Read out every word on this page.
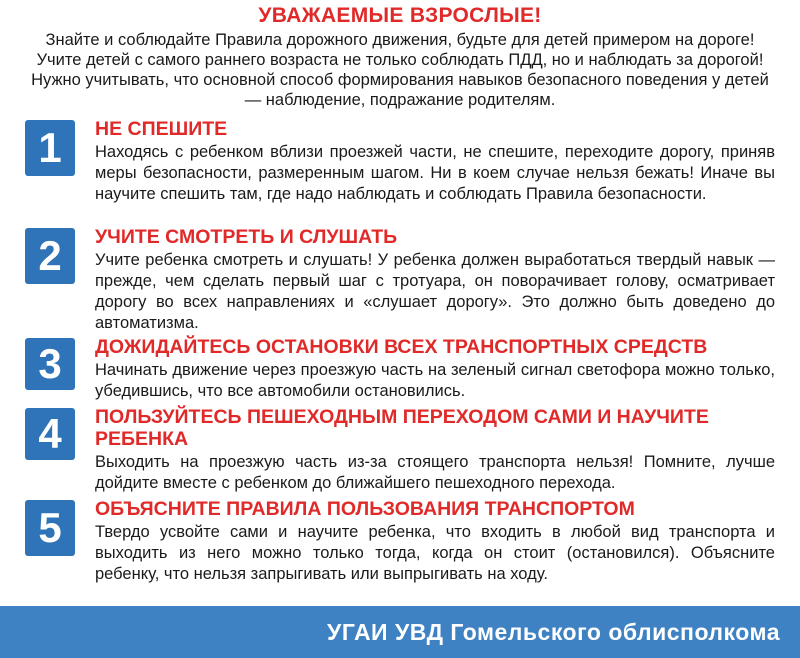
УВАЖАЕМЫЕ ВЗРОСЛЫЕ!
Знайте и соблюдайте Правила дорожного движения, будьте для детей примером на дороге! Учите детей с самого раннего возраста не только соблюдать ПДД, но и наблюдать за дорогой! Нужно учитывать, что основной способ формирования навыков безопасного поведения у детей — наблюдение, подражание родителям.
1	НЕ СПЕШИТЕ
Находясь с ребенком вблизи проезжей части, не спешите, переходите дорогу, приняв меры безопасности, размеренным шагом. Ни в коем случае нельзя бежать! Иначе вы научите спешить там, где надо наблюдать и соблюдать Правила безопасности.
2	УЧИТЕ СМОТРЕТЬ И СЛУШАТЬ
Учите ребенка смотреть и слушать! У ребенка должен выработаться твердый навык — прежде, чем сделать первый шаг с тротуара, он поворачивает голову, осматривает дорогу во всех направлениях и «слушает дорогу». Это должно быть доведено до автоматизма.
3	ДОЖИДАЙТЕСЬ ОСТАНОВКИ ВСЕХ ТРАНСПОРТНЫХ СРЕДСТВ
Начинать движение через проезжую часть на зеленый сигнал светофора можно только, убедившись, что все автомобили остановились.
4	ПОЛЬЗУЙТЕСЬ ПЕШЕХОДНЫМ ПЕРЕХОДОМ САМИ И НАУЧИТЕ РЕБЕНКА
Выходить на проезжую часть из-за стоящего транспорта нельзя! Помните, лучше дойдите вместе с ребенком до ближайшего пешеходного перехода.
5	ОБЪЯСНИТЕ ПРАВИЛА ПОЛЬЗОВАНИЯ ТРАНСПОРТОМ
Твердо усвойте сами и научите ребенка, что входить в любой вид транспорта и выходить из него можно только тогда, когда он стоит (остановился). Объясните ребенку, что нельзя запрыгивать или выпрыгивать на ходу.
УГАИ УВД Гомельского облисполкома
